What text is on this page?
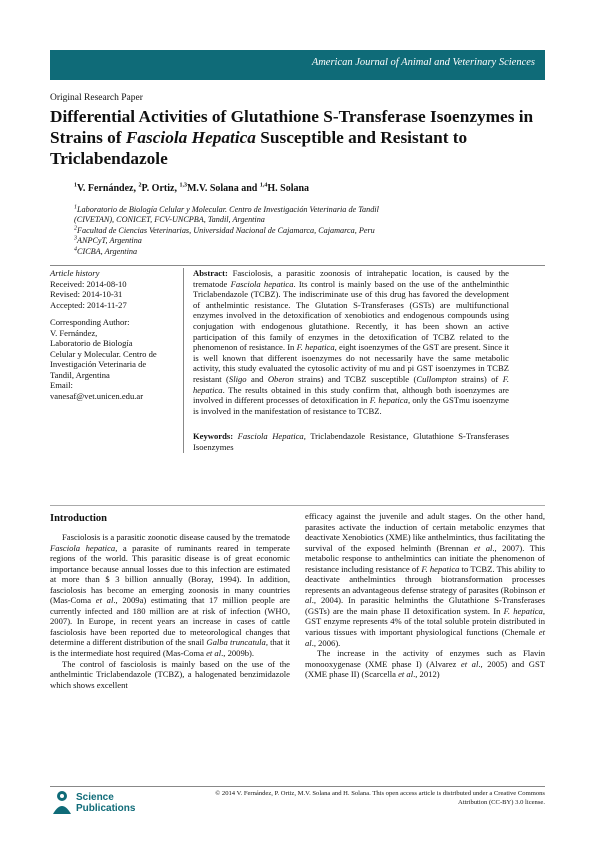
American Journal of Animal and Veterinary Sciences
Original Research Paper
Differential Activities of Glutathione S-Transferase Isoenzymes in Strains of Fasciola Hepatica Susceptible and Resistant to Triclabendazole
$^1$V. Fernández, $^2$P. Ortiz, $^{1,3}$M.V. Solana and $^{1,4}$H. Solana
$^1$Laboratorio de Biología Celular y Molecular. Centro de Investigación Veterinaria de Tandil
(CIVETAN), CONICET, FCV-UNCPBA, Tandil, Argentina
$^2$Facultad de Ciencias Veterinarias, Universidad Nacional de Cajamarca, Cajamarca, Peru
$^3$ANPCyT, Argentina
$^4$CICBA, Argentina

Article history

Received: 2014-08-10

Revised: 2014-10-31

Accepted: 2014-11-27

Corresponding Author:

V. Fernández,

Laboratorio de Biología

Celular y Molecular. Centro de

Investigación Veterinaria de

Tandil, Argentina

Email:

vanesaf@vet.unicen.edu.ar

Abstract: Fasciolosis, a parasitic zoonosis of intrahepatic location, is caused by the trematode Fasciola hepatica. Its control is mainly based on the use of the anthelminthic Triclabendazole (TCBZ). The indiscriminate use of this drug has favored the development of anthelmintic resistance. The Glutation S-Transferases (GSTs) are multifunctional enzymes involved in the detoxification of xenobiotics and endogenous compounds using conjugation with endogenous glutathione. Recently, it has been shown an active participation of this family of enzymes in the detoxification of TCBZ related to the phenomenon of resistance. In F. hepatica, eight isoenzymes of the GST are present. Since it is well known that different isoenzymes do not necessarily have the same metabolic activity, this study evaluated the cytosolic activity of mu and pi GST isoenzymes in TCBZ resistant (Sligo and Oberon strains) and TCBZ susceptible (Cullompton strains) of F. hepatica. The results obtained in this study confirm that, although both isoenzymes are involved in different processes of detoxification in F. hepatica, only the GSTmu isoenzyme is involved in the manifestation of resistance to TCBZ.

Keywords: Fasciola Hepatica, Triclabendazole Resistance, Glutathione S-Transferases Isoenzymes

Introduction

Fasciolosis is a parasitic zoonotic disease caused by the trematode Fasciola hepatica, a parasite of ruminants reared in temperate regions of the world. This parasitic disease is of great economic importance because annual losses due to this infection are estimated at more than $ 3 billion annually (Boray, 1994). In addition, fasciolosis has become an emerging zoonosis in many countries (Mas-Coma et al., 2009a) estimating that 17 million people are currently infected and 180 million are at risk of infection (WHO, 2007). In Europe, in recent years an increase in cases of cattle fasciolosis have been reported due to meteorological changes that determine a different distribution of the snail Galba truncatula, that it is the intermediate host required (Mas-Coma et al., 2009b).

The control of fasciolosis is mainly based on the use of the anthelmintic Triclabendazole (TCBZ), a halogenated benzimidazole which shows excellent

efficacy against the juvenile and adult stages. On the other hand, parasites activate the induction of certain metabolic enzymes that deactivate Xenobiotics (XME) like anthelmintics, thus facilitating the survival of the exposed helminth (Brennan et al., 2007). This metabolic response to anthelmintics can initiate the phenomenon of resistance including resistance of F. hepatica to TCBZ. This ability to deactivate anthelmintics through biotransformation processes represents an advantageous defense strategy of parasites (Robinson et al., 2004). In parasitic helminths the Glutathione S-Transferases (GSTs) are the main phase II detoxification system. In F. hepatica, GST enzyme represents 4% of the total soluble protein distributed in various tissues with important physiological functions (Chemale et al., 2006).

The increase in the activity of enzymes such as Flavin monooxygenase (XME phase I) (Alvarez et al., 2005) and GST (XME phase II) (Scarcella et al., 2012)

Science
Publications
© 2014 V. Fernández, P. Ortiz, M.V. Solana and H. Solana. This open access article is distributed under a Creative Commons
Attribution (CC-BY) 3.0 license.
